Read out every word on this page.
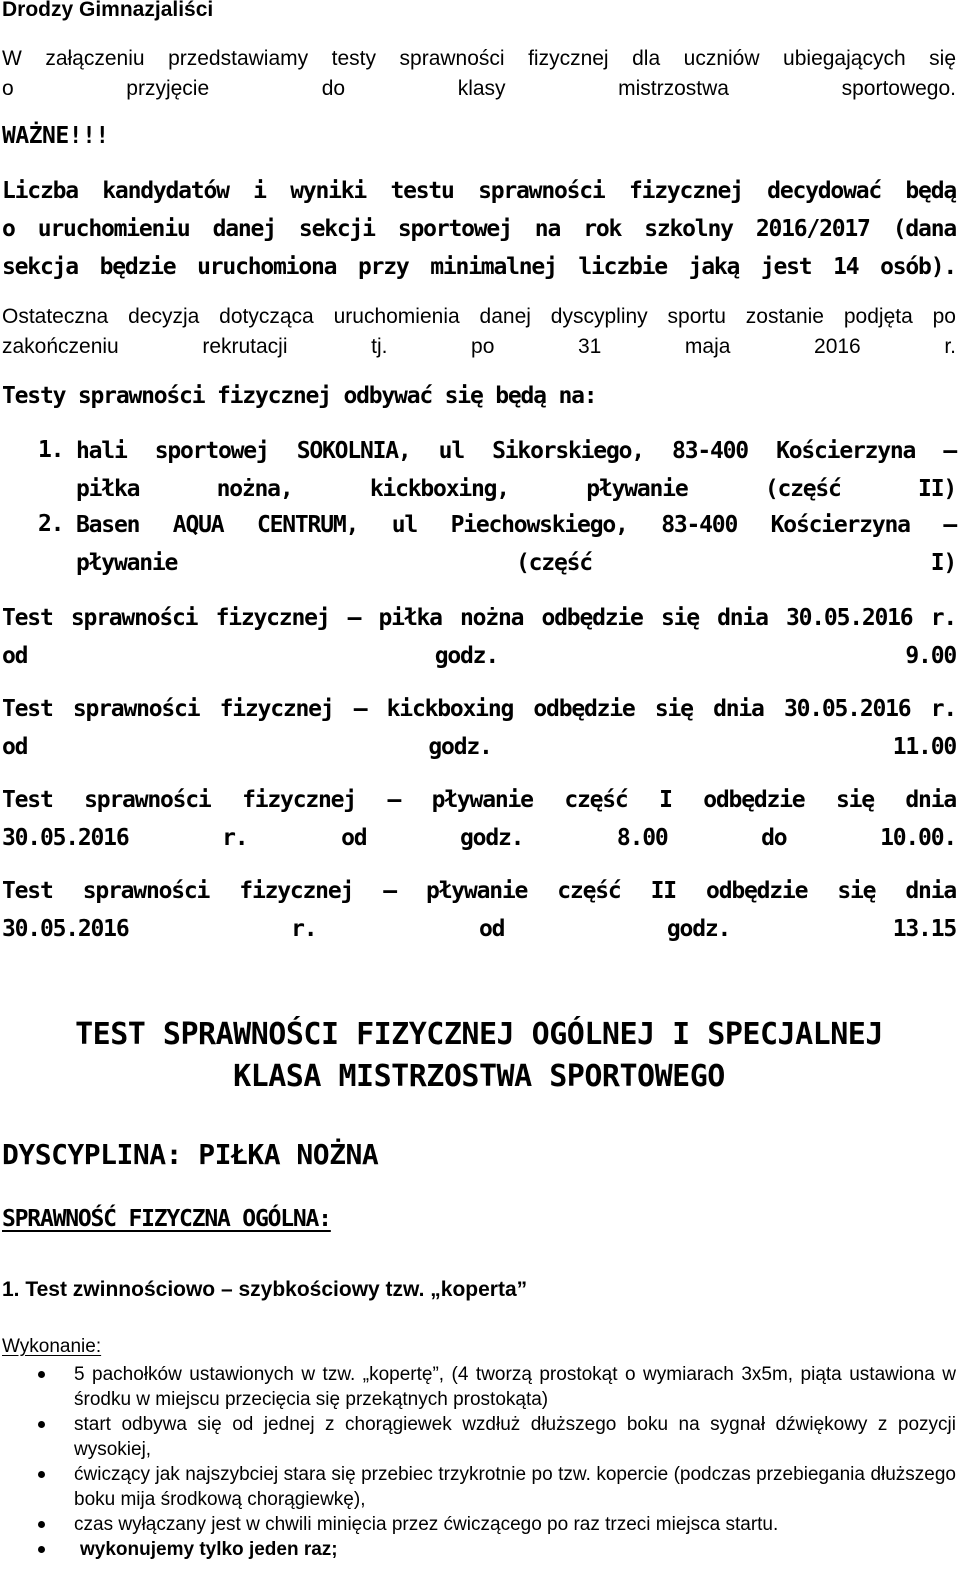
Drodzy Gimnazjaliści

W załączeniu przedstawiamy testy sprawności fizycznej dla uczniów ubiegających się
o przyjęcie do klasy mistrzostwa sportowego.

WAŻNE!!!

Liczba kandydatów i wyniki testu sprawności fizycznej decydować będą
o uruchomieniu danej sekcji sportowej na rok szkolny 2016/2017 (dana
sekcja będzie uruchomiona przy minimalnej liczbie jaką jest 14 osób).

Ostateczna decyzja dotycząca uruchomienia danej dyscypliny sportu zostanie podjęta po
zakończeniu rekrutacji tj. po 31 maja 2016 r.

Testy sprawności fizycznej odbywać się będą na:

1. hali sportowej SOKOLNIA, ul Sikorskiego, 83-400 Kościerzyna –
piłka nożna, kickboxing, pływanie (część II)

2. Basen AQUA CENTRUM, ul Piechowskiego, 83-400 Kościerzyna –
pływanie (część I)

Test sprawności fizycznej – piłka nożna odbędzie się dnia 30.05.2016 r.
od godz. 9.00

Test sprawności fizycznej – kickboxing odbędzie się dnia 30.05.2016 r.
od godz. 11.00

Test sprawności fizycznej – pływanie część I odbędzie się dnia
30.05.2016 r. od godz. 8.00 do 10.00.

Test sprawności fizycznej – pływanie część II odbędzie się dnia
30.05.2016 r. od godz. 13.15

TEST SPRAWNOŚCI FIZYCZNEJ OGÓLNEJ I SPECJALNEJ
KLASA MISTRZOSTWA SPORTOWEGO

DYSCYPLINA: PIŁKA NOŻNA

SPRAWNOŚĆ FIZYCZNA OGÓLNA:

1. Test zwinnościowo – szybkościowy tzw. „koperta”

Wykonanie:

5 pachołków ustawionych w tzw. „kopertę”, (4 tworzą prostokąt o wymiarach 3x5m, piąta ustawiona w środku w miejscu przecięcia się przekątnych prostokąta)
start odbywa się od jednej z chorągiewek wzdłuż dłuższego boku na sygnał dźwiękowy z pozycji wysokiej,
ćwiczący jak najszybciej stara się przebiec trzykrotnie po tzw. kopercie (podczas przebiegania dłuższego boku mija środkową chorągiewkę),
czas wyłączany jest w chwili minięcia przez ćwiczącego po raz trzeci miejsca startu.
wykonujemy tylko jeden raz;
